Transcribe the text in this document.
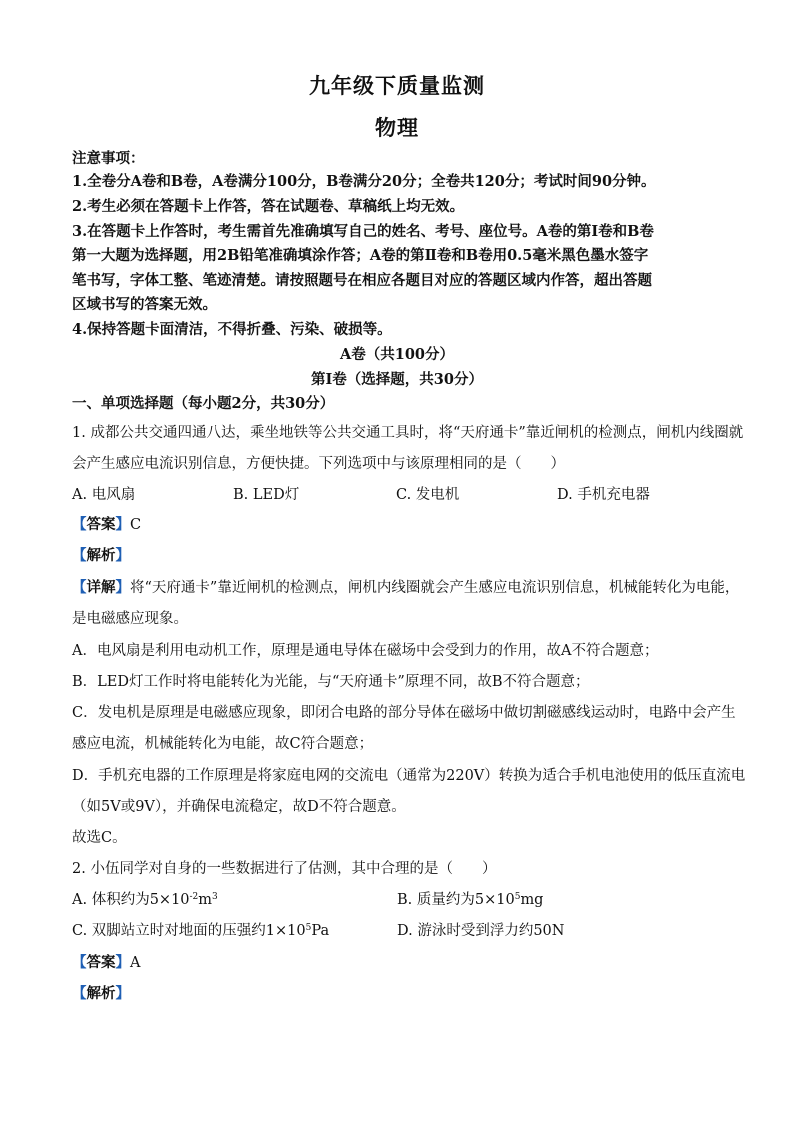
九年级下质量监测
物理
注意事项：
1.全卷分A卷和B卷，A卷满分100分，B卷满分20分；全卷共120分；考试时间90分钟。
2.考生必须在答题卡上作答，答在试题卷、草稿纸上均无效。
3.在答题卡上作答时，考生需首先准确填写自己的姓名、考号、座位号。A卷的第Ⅰ卷和B卷
第一大题为选择题，用2B铅笔准确填涂作答；A卷的第Ⅱ卷和B卷用0.5毫米黑色墨水签字
笔书写，字体工整、笔迹清楚。请按照题号在相应各题目对应的答题区域内作答，超出答题
区域书写的答案无效。
4.保持答题卡面清洁，不得折叠、污染、破损等。
A卷（共100分）
第Ⅰ卷（选择题，共30分）
一、单项选择题（每小题2分，共30分）
1. 成都公共交通四通八达，乘坐地铁等公共交通工具时，将“天府通卡”靠近闸机的检测点，闸机内线圈就
会产生感应电流识别信息，方便快捷。下列选项中与该原理相同的是（　　）
A. 电风扇	B. LED灯	C. 发电机	D. 手机充电器
【答案】C
【解析】
【详解】将“天府通卡”靠近闸机的检测点，闸机内线圈就会产生感应电流识别信息，机械能转化为电能，
是电磁感应现象。
A．电风扇是利用电动机工作，原理是通电导体在磁场中会受到力的作用，故A不符合题意；
B．LED灯工作时将电能转化为光能，与“天府通卡”原理不同，故B不符合题意；
C．发电机是原理是电磁感应现象，即闭合电路的部分导体在磁场中做切割磁感线运动时，电路中会产生
感应电流，机械能转化为电能，故C符合题意；
D．手机充电器的工作原理是将家庭电网的交流电（通常为220V）转换为适合手机电池使用的低压直流电
（如5V或9V），并确保电流稳定，故D不符合题意。
故选C。
2. 小伍同学对自身的一些数据进行了估测，其中合理的是（　　）
A. 体积约为$5\times 10^{-2}m^3$	B. 质量约为$5\times 10^5mg$
C. 双脚站立时对地面的压强约$1\times 10^5Pa$	D. 游泳时受到浮力约50N
【答案】A
【解析】
